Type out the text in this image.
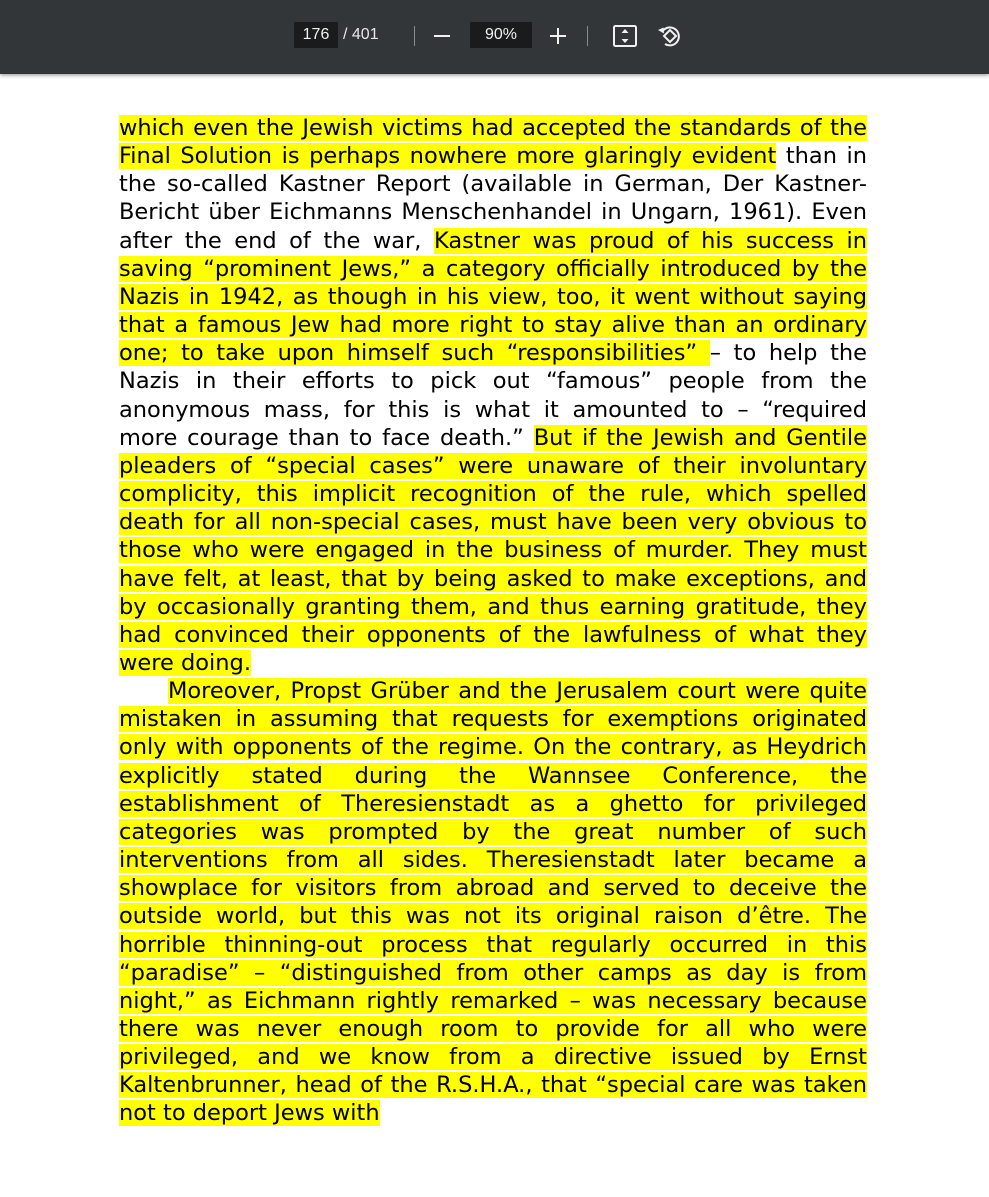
176 / 401	90%

which even the Jewish victims had accepted the standards of the Final Solution is perhaps nowhere more glaringly evident than in the so-called Kastner Report (available in German, Der Kastner-Bericht über Eichmanns Menschenhandel in Ungarn, 1961). Even after the end of the war, Kastner was proud of his success in saving “prominent Jews,” a category officially introduced by the Nazis in 1942, as though in his view, too, it went without saying that a famous Jew had more right to stay alive than an ordinary one; to take upon himself such “responsibilities” – to help the Nazis in their efforts to pick out “famous” people from the anonymous mass, for this is what it amounted to – “required more courage than to face death.” But if the Jewish and Gentile pleaders of “special cases” were unaware of their involuntary complicity, this implicit recognition of the rule, which spelled death for all non-special cases, must have been very obvious to those who were engaged in the business of murder. They must have felt, at least, that by being asked to make exceptions, and by occasionally granting them, and thus earning gratitude, they had convinced their opponents of the lawfulness of what they were doing.

Moreover, Propst Grüber and the Jerusalem court were quite mistaken in assuming that requests for exemptions originated only with opponents of the regime. On the contrary, as Heydrich explicitly stated during the Wannsee Conference, the establishment of Theresienstadt as a ghetto for privileged categories was prompted by the great number of such interventions from all sides. Theresienstadt later became a showplace for visitors from abroad and served to deceive the outside world, but this was not its original raison d’être. The horrible thinning-out process that regularly occurred in this “paradise” – “distinguished from other camps as day is from night,” as Eichmann rightly remarked – was necessary because there was never enough room to provide for all who were privileged, and we know from a directive issued by Ernst Kaltenbrunner, head of the R.S.H.A., that “special care was taken not to deport Jews with
